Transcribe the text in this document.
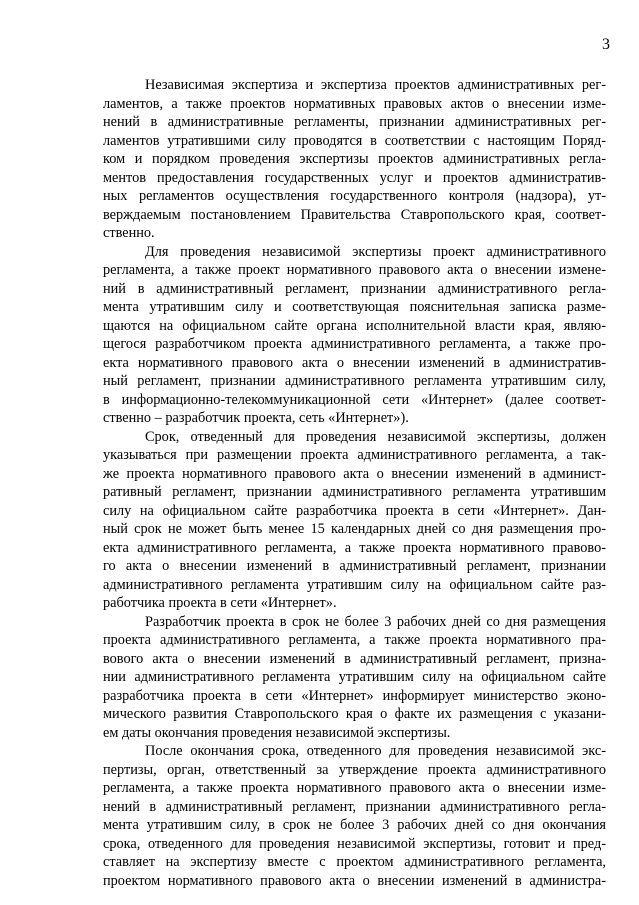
3
Независимая экспертиза и экспертиза проектов административных рег-
ламентов, а также проектов нормативных правовых актов о внесении изме-
нений в административные регламенты, признании административных рег-
ламентов утратившими силу проводятся в соответствии с настоящим Поряд-
ком и порядком проведения экспертизы проектов административных регла-
ментов предоставления государственных услуг и проектов административ-
ных регламентов осуществления государственного контроля (надзора), ут-
верждаемым постановлением Правительства Ставропольского края, соответ-
ственно.
Для проведения независимой экспертизы проект административного
регламента, а также проект нормативного правового акта о внесении измене-
ний в административный регламент, признании административного регла-
мента утратившим силу и соответствующая пояснительная записка разме-
щаются на официальном сайте органа исполнительной власти края, являю-
щегося разработчиком проекта административного регламента, а также про-
екта нормативного правового акта о внесении изменений в административ-
ный регламент, признании административного регламента утратившим силу,
в информационно-телекоммуникационной сети «Интернет» (далее соответ-
ственно – разработчик проекта, сеть «Интернет»).
Срок, отведенный для проведения независимой экспертизы, должен
указываться при размещении проекта административного регламента, а так-
же проекта нормативного правового акта о внесении изменений в админист-
ративный регламент, признании административного регламента утратившим
силу на официальном сайте разработчика проекта в сети «Интернет». Дан-
ный срок не может быть менее 15 календарных дней со дня размещения про-
екта административного регламента, а также проекта нормативного правово-
го акта о внесении изменений в административный регламент, признании
административного регламента утратившим силу на официальном сайте раз-
работчика проекта в сети «Интернет».
Разработчик проекта в срок не более 3 рабочих дней со дня размещения
проекта административного регламента, а также проекта нормативного пра-
вового акта о внесении изменений в административный регламент, призна-
нии административного регламента утратившим силу на официальном сайте
разработчика проекта в сети «Интернет» информирует министерство эконо-
мического развития Ставропольского края о факте их размещения с указани-
ем даты окончания проведения независимой экспертизы.
После окончания срока, отведенного для проведения независимой экс-
пертизы, орган, ответственный за утверждение проекта административного
регламента, а также проекта нормативного правового акта о внесении изме-
нений в административный регламент, признании административного регла-
мента утратившим силу, в срок не более 3 рабочих дней со дня окончания
срока, отведенного для проведения независимой экспертизы, готовит и пред-
ставляет на экспертизу вместе с проектом административного регламента,
проектом нормативного правового акта о внесении изменений в администра-
